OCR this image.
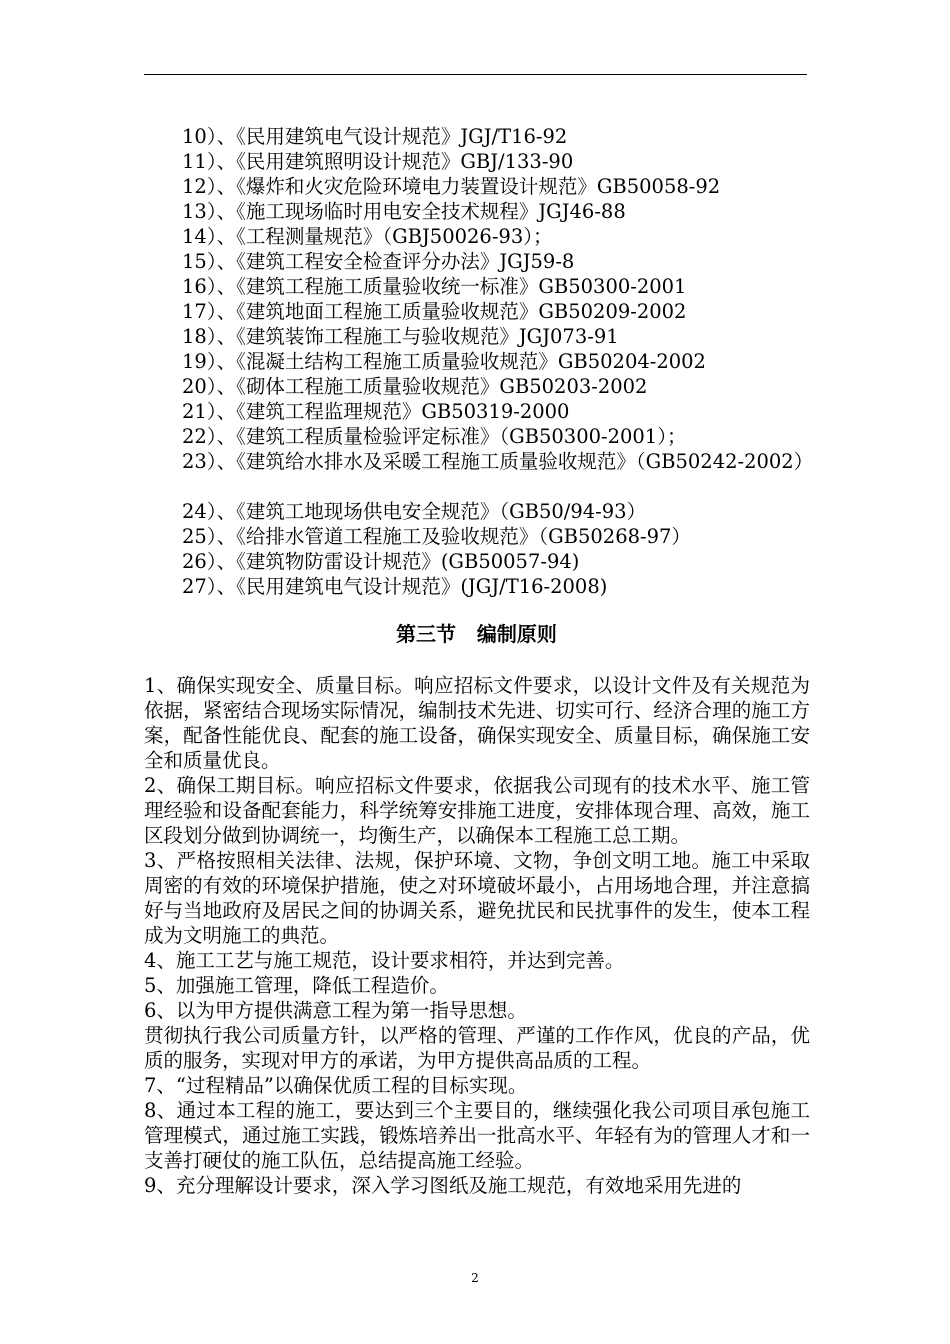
10）、《民用建筑电气设计规范》JGJ/T16-92
11）、《民用建筑照明设计规范》GBJ/133-90
12）、《爆炸和火灾危险环境电力装置设计规范》GB50058-92
13）、《施工现场临时用电安全技术规程》JGJ46-88
14）、《工程测量规范》（GBJ50026-93）；
15）、《建筑工程安全检查评分办法》JGJ59-8
16）、《建筑工程施工质量验收统一标准》GB50300-2001
17）、《建筑地面工程施工质量验收规范》GB50209-2002
18）、《建筑装饰工程施工与验收规范》JGJ073-91
19）、《混凝土结构工程施工质量验收规范》GB50204-2002
20）、《砌体工程施工质量验收规范》GB50203-2002
21）、《建筑工程监理规范》GB50319-2000
22）、《建筑工程质量检验评定标准》（GB50300-2001）；
23）、《建筑给水排水及采暖工程施工质量验收规范》（GB50242-2002）
24）、《建筑工地现场供电安全规范》（GB50/94-93）
25）、《给排水管道工程施工及验收规范》（GB50268-97）
26）、《建筑物防雷设计规范》(GB50057-94)
27）、《民用建筑电气设计规范》(JGJ/T16-2008)
第三节   编制原则

1、确保实现安全、质量目标。响应招标文件要求，以设计文件及有关规范为依据，紧密结合现场实际情况，编制技术先进、切实可行、经济合理的施工方案，配备性能优良、配套的施工设备，确保实现安全、质量目标，确保施工安全和质量优良。

2、确保工期目标。响应招标文件要求，依据我公司现有的技术水平、施工管理经验和设备配套能力，科学统筹安排施工进度，安排体现合理、高效，施工区段划分做到协调统一，均衡生产，以确保本工程施工总工期。

3、严格按照相关法律、法规，保护环境、文物，争创文明工地。施工中采取周密的有效的环境保护措施，使之对环境破坏最小，占用场地合理，并注意搞好与当地政府及居民之间的协调关系，避免扰民和民扰事件的发生，使本工程成为文明施工的典范。

4、施工工艺与施工规范，设计要求相符，并达到完善。

5、加强施工管理，降低工程造价。

6、以为甲方提供满意工程为第一指导思想。

贯彻执行我公司质量方针，以严格的管理、严谨的工作作风，优良的产品，优质的服务，实现对甲方的承诺，为甲方提供高品质的工程。

7、“过程精品”以确保优质工程的目标实现。

8、通过本工程的施工，要达到三个主要目的，继续强化我公司项目承包施工管理模式，通过施工实践，锻炼培养出一批高水平、年轻有为的管理人才和一支善打硬仗的施工队伍，总结提高施工经验。

9、充分理解设计要求，深入学习图纸及施工规范，有效地采用先进的

2
